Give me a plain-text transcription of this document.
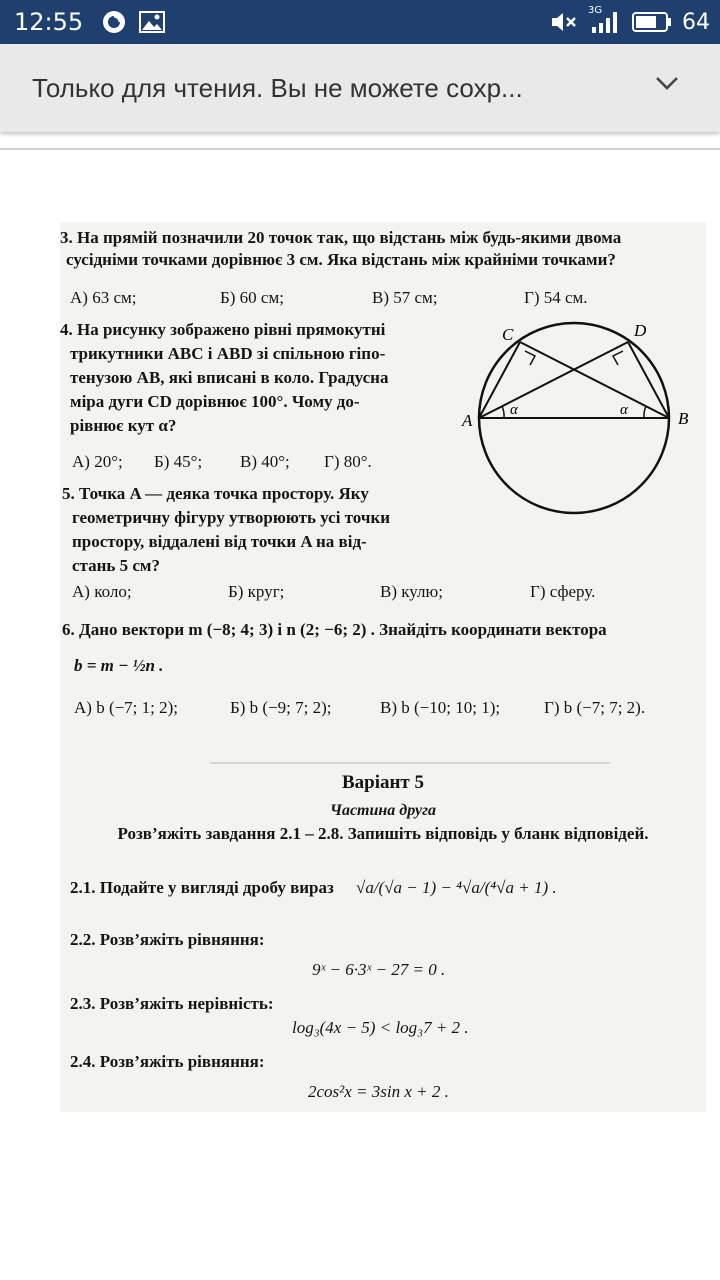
12:55	3G	64
Только для чтения. Вы не можете сохр...
3. На прямій позначили 20 точок так, що відстань між будь-якими двома
сусідніми точками дорівнює 3 см. Яка відстань між крайніми точками?
А) 63 см;	Б) 60 см;	В) 57 см;	Г) 54 см.
4. На рисунку зображено рівні прямокутні
трикутники ABC і ABD зі спільною гіпо-
тенузою AB, які вписані в коло. Градусна
міра дуги CD дорівнює 100°. Чому до-
рівнює кут α?
А) 20°; Б) 45°; В) 40°; Г) 80°.
A	B
C	D
α	α
5. Точка A — деяка точка простору. Яку
геометричну фігуру утворюють усі точки
простору, віддалені від точки A на від-
стань 5 см?
А) коло;	Б) круг;	В) кулю;	Г) сферу.
6. Дано вектори m (−8; 4; 3) і n (2; −6; 2) . Знайдіть координати вектора
b = m − ½n .
А) b (−7; 1; 2);	Б) b (−9; 7; 2);	В) b (−10; 10; 1);	Г) b (−7; 7; 2).
Варіант 5
Частина друга
Розв’яжіть завдання 2.1 – 2.8. Запишіть відповідь у бланк відповідей.
2.1. Подайте у вигляді дробу вираз √a/(√a − 1) − ⁴√a/(⁴√a + 1) .
2.2. Розв’яжіть рівняння:
9ˣ − 6·3ˣ − 27 = 0 .
2.3. Розв’яжіть нерівність:
log₃(4x − 5) < log₃7 + 2 .
2.4. Розв’яжіть рівняння:
2cos²x = 3sin x + 2 .
